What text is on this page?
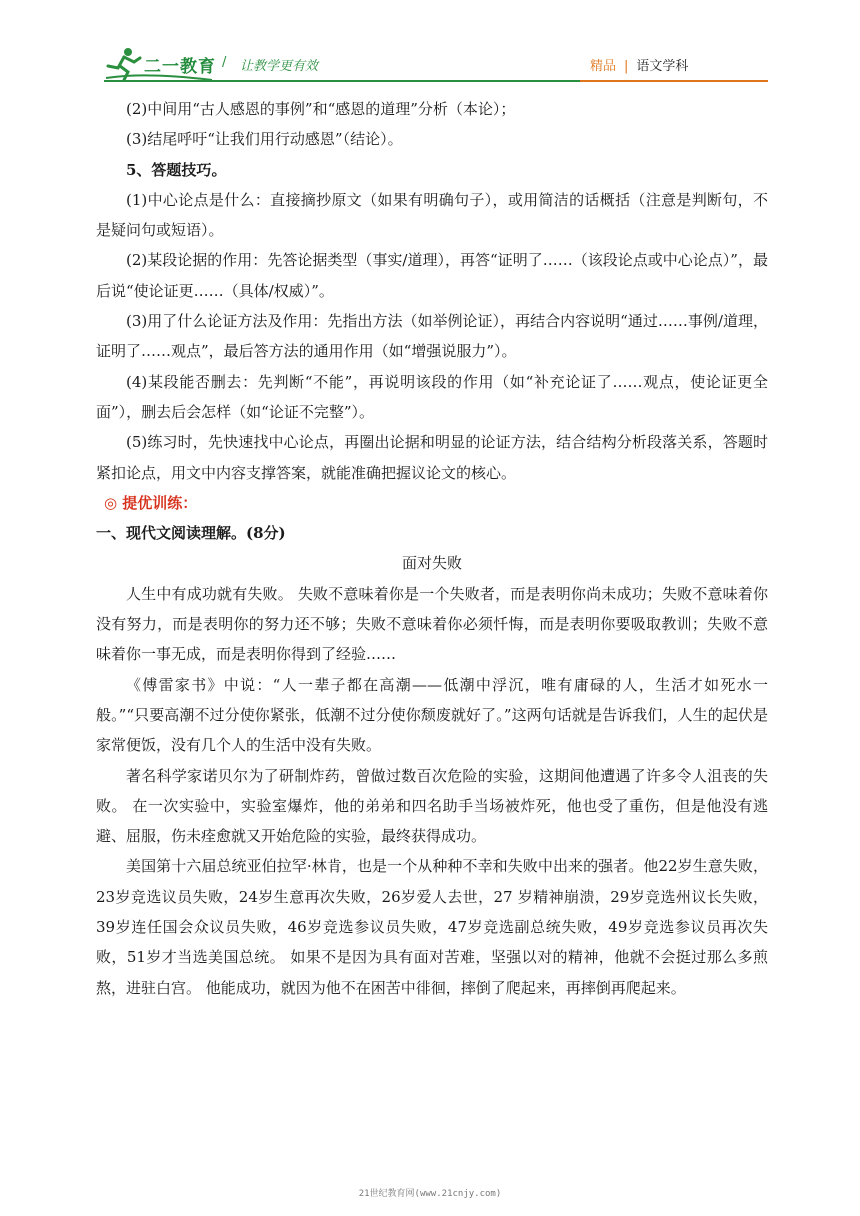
二一教育 / 让教学更有效	精品 | 语文学科

(2)中间用“古人感恩的事例”和“感恩的道理”分析（本论）；

(3)结尾呼吁“让我们用行动感恩”（结论）。

5、答题技巧。

(1)中心论点是什么：直接摘抄原文（如果有明确句子），或用简洁的话概括（注意是判断句，不是疑问句或短语）。

(2)某段论据的作用：先答论据类型（事实/道理），再答“证明了……（该段论点或中心论点）”，最后说“使论证更……（具体/权威）”。

(3)用了什么论证方法及作用：先指出方法（如举例论证），再结合内容说明“通过……事例/道理，证明了……观点”，最后答方法的通用作用（如“增强说服力”）。

(4)某段能否删去：先判断“不能”，再说明该段的作用（如“补充论证了……观点，使论证更全面”），删去后会怎样（如“论证不完整”）。

(5)练习时，先快速找中心论点，再圈出论据和明显的论证方法，结合结构分析段落关系，答题时紧扣论点，用文中内容支撑答案，就能准确把握议论文的核心。

◎ 提优训练：

一、现代文阅读理解。(8分)

面对失败

人生中有成功就有失败。 失败不意味着你是一个失败者，而是表明你尚未成功；失败不意味着你没有努力，而是表明你的努力还不够；失败不意味着你必须忏悔，而是表明你要吸取教训；失败不意味着你一事无成，而是表明你得到了经验……

《傅雷家书》中说：“人一辈子都在高潮——低潮中浮沉，唯有庸碌的人，生活才如死水一般。”“只要高潮不过分使你紧张，低潮不过分使你颓废就好了。”这两句话就是告诉我们，人生的起伏是家常便饭，没有几个人的生活中没有失败。

著名科学家诺贝尔为了研制炸药，曾做过数百次危险的实验，这期间他遭遇了许多令人沮丧的失败。 在一次实验中，实验室爆炸，他的弟弟和四名助手当场被炸死，他也受了重伤，但是他没有逃避、屈服，伤未痊愈就又开始危险的实验，最终获得成功。

美国第十六届总统亚伯拉罕·林肯，也是一个从种种不幸和失败中出来的强者。他22岁生意失败，23岁竞选议员失败，24岁生意再次失败，26岁爱人去世，27 岁精神崩溃，29岁竞选州议长失败，39岁连任国会众议员失败，46岁竞选参议员失败，47岁竞选副总统失败，49岁竞选参议员再次失败，51岁才当选美国总统。 如果不是因为具有面对苦难，坚强以对的精神，他就不会挺过那么多煎熬，进驻白宫。 他能成功，就因为他不在困苦中徘徊，摔倒了爬起来，再摔倒再爬起来。

21世纪教育网(www.21cnjy.com)
